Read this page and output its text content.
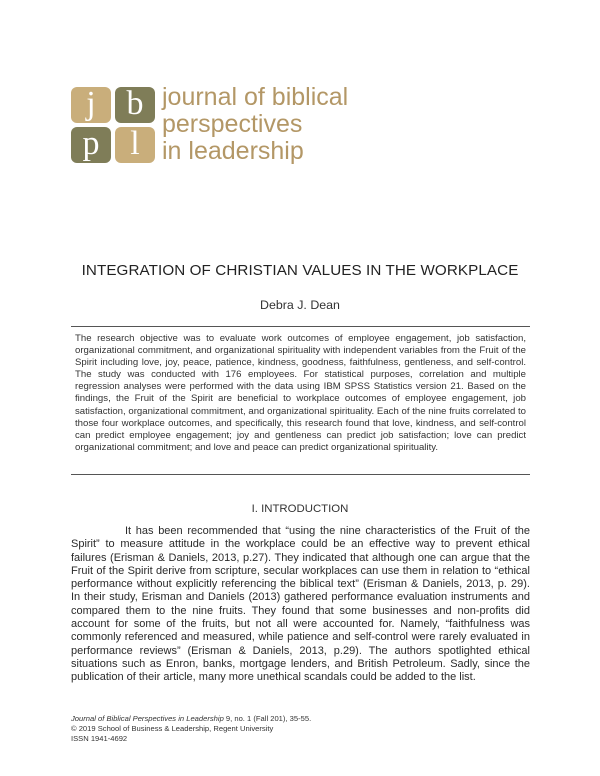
j b
p l
journal of biblical
perspectives
in leadership
INTEGRATION OF CHRISTIAN VALUES IN THE WORKPLACE
Debra J. Dean
The research objective was to evaluate work outcomes of employee engagement, job satisfaction, organizational commitment, and organizational spirituality with independent variables from the Fruit of the Spirit including love, joy, peace, patience, kindness, goodness, faithfulness, gentleness, and self-control. The study was conducted with 176 employees. For statistical purposes, correlation and multiple regression analyses were performed with the data using IBM SPSS Statistics version 21. Based on the findings, the Fruit of the Spirit are beneficial to workplace outcomes of employee engagement, job satisfaction, organizational commitment, and organizational spirituality. Each of the nine fruits correlated to those four workplace outcomes, and specifically, this research found that love, kindness, and self-control can predict employee engagement; joy and gentleness can predict job satisfaction; love can predict organizational commitment; and love and peace can predict organizational spirituality.
I. INTRODUCTION

It has been recommended that “using the nine characteristics of the Fruit of the Spirit” to measure attitude in the workplace could be an effective way to prevent ethical failures (Erisman & Daniels, 2013, p.27). They indicated that although one can argue that the Fruit of the Spirit derive from scripture, secular workplaces can use them in relation to “ethical performance without explicitly referencing the biblical text” (Erisman & Daniels, 2013, p. 29). In their study, Erisman and Daniels (2013) gathered performance evaluation instruments and compared them to the nine fruits. They found that some businesses and non-profits did account for some of the fruits, but not all were accounted for. Namely, “faithfulness was commonly referenced and measured, while patience and self-control were rarely evaluated in performance reviews” (Erisman & Daniels, 2013, p.29). The authors spotlighted ethical situations such as Enron, banks, mortgage lenders, and British Petroleum. Sadly, since the publication of their article, many more unethical scandals could be added to the list.

Journal of Biblical Perspectives in Leadership 9, no. 1 (Fall 201), 35-55.
© 2019 School of Business & Leadership, Regent University
ISSN 1941-4692
